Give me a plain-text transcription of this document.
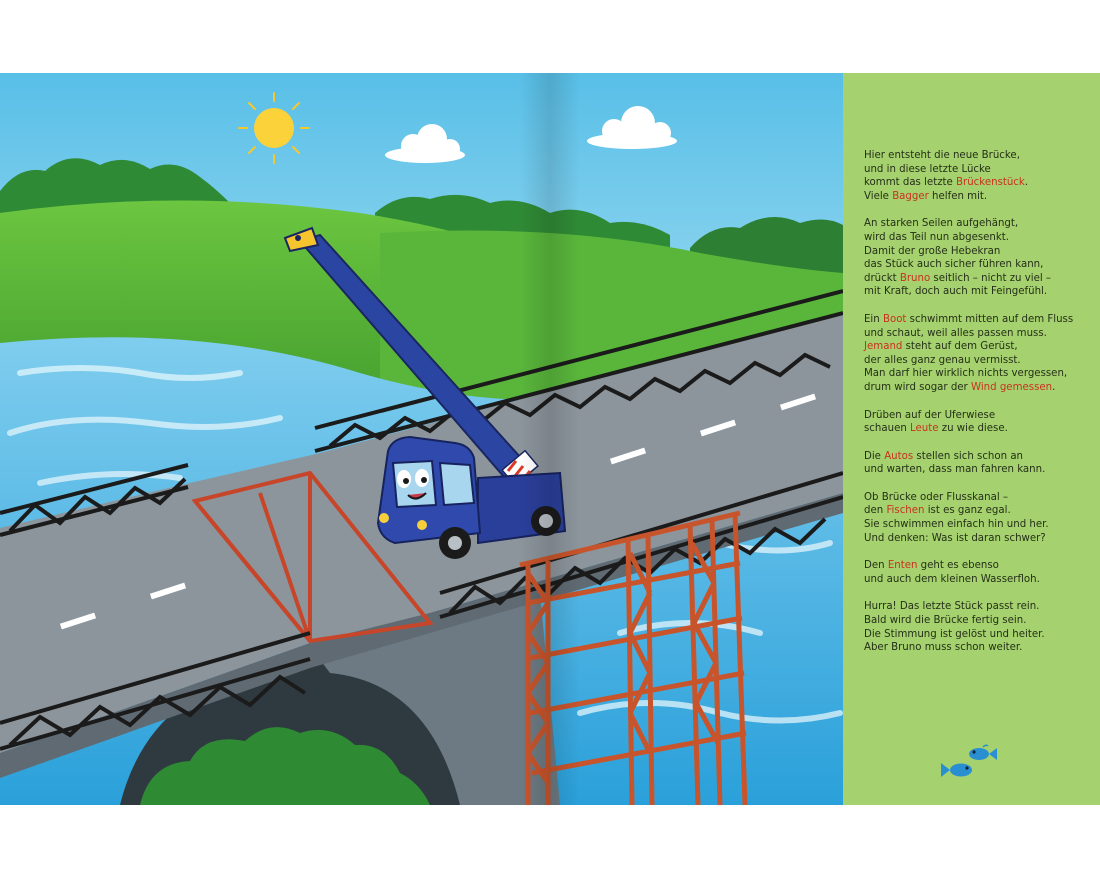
Hier entsteht die neue Brücke,
und in diese letzte Lücke
kommt das letzte Brückenstück.
Viele Bagger helfen mit.
An starken Seilen aufgehängt,
wird das Teil nun abgesenkt.
Damit der große Hebekran
das Stück auch sicher führen kann,
drückt Bruno seitlich – nicht zu viel –
mit Kraft, doch auch mit Feingefühl.
Ein Boot schwimmt mitten auf dem Fluss
und schaut, weil alles passen muss.
Jemand steht auf dem Gerüst,
der alles ganz genau vermisst.
Man darf hier wirklich nichts vergessen,
drum wird sogar der Wind gemessen.
Drüben auf der Uferwiese
schauen Leute zu wie diese.
Die Autos stellen sich schon an
und warten, dass man fahren kann.
Ob Brücke oder Flusskanal –
den Fischen ist es ganz egal.
Sie schwimmen einfach hin und her.
Und denken: Was ist daran schwer?
Den Enten geht es ebenso
und auch dem kleinen Wasserfloh.
Hurra! Das letzte Stück passt rein.
Bald wird die Brücke fertig sein.
Die Stimmung ist gelöst und heiter.
Aber Bruno muss schon weiter.
